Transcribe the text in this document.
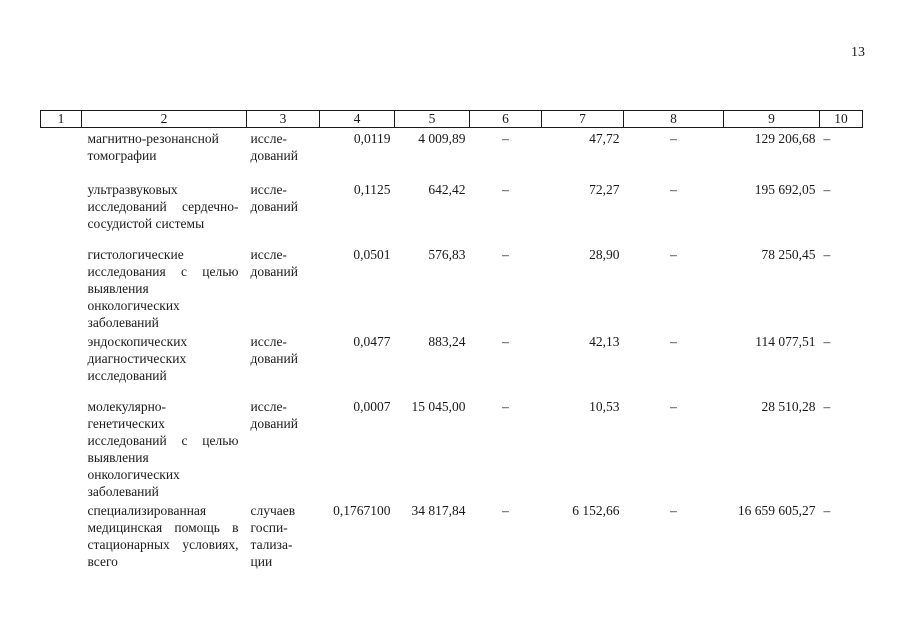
13
1	2	3	4	5	6	7	8	9	10
	магнитно-резонансной томографии	иссле-дований	0,0119	4 009,89	–	47,72	–	129 206,68	–
	ультразвуковых исследований сердечно-сосудистой системы	иссле-дований	0,1125	642,42	–	72,27	–	195 692,05	–
	гистологические исследования с целью выявления онкологических заболеваний	иссле-дований	0,0501	576,83	–	28,90	–	78 250,45	–
	эндоскопических диагностических исследований	иссле-дований	0,0477	883,24	–	42,13	–	114 077,51	–
	молекулярно-генетических исследований с целью выявления онкологических заболеваний	иссле-дований	0,0007	15 045,00	–	10,53	–	28 510,28	–
	специализированная медицинская помощь в стационарных условиях, всего	случаев госпи-тализа-ции	0,1767100	34 817,84	–	6 152,66	–	16 659 605,27	–
